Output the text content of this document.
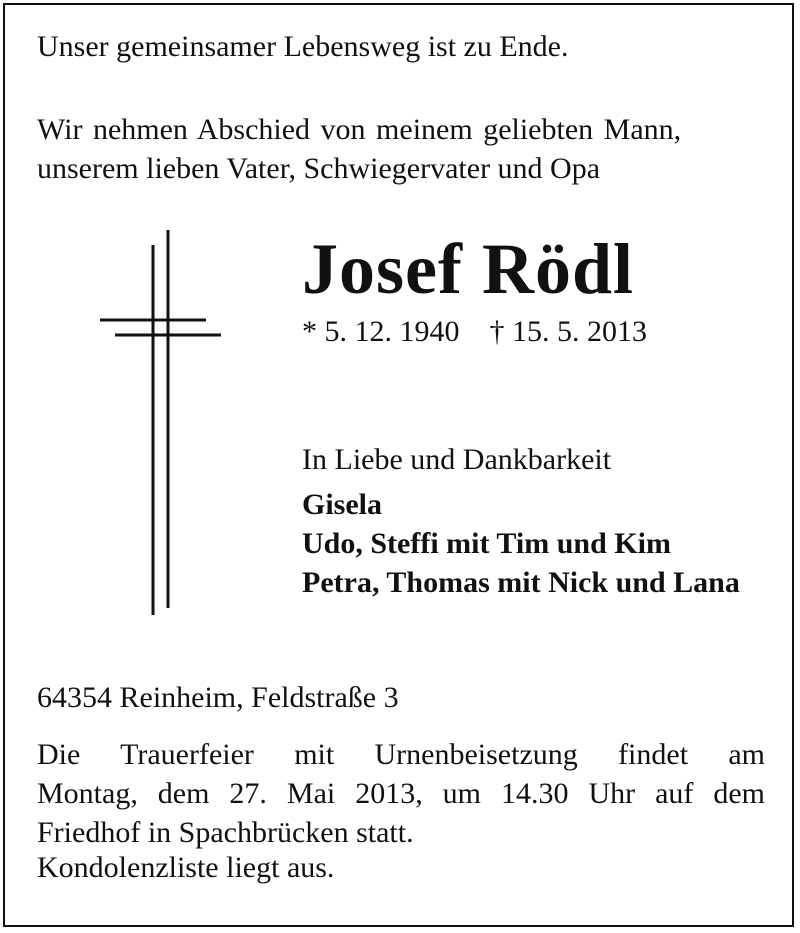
Unser gemeinsamer Lebensweg ist zu Ende.
Wir nehmen Abschied von meinem geliebten Mann,
unserem lieben Vater, Schwiegervater und Opa
Josef Rödl
* 5. 12. 1940 † 15. 5. 2013
In Liebe und Dankbarkeit
Gisela
Udo, Steffi mit Tim und Kim
Petra, Thomas mit Nick und Lana
64354 Reinheim, Feldstraße 3
Die Trauerfeier mit Urnenbeisetzung findet am
Montag, dem 27. Mai 2013, um 14.30 Uhr auf dem
Friedhof in Spachbrücken statt.
Kondolenzliste liegt aus.
